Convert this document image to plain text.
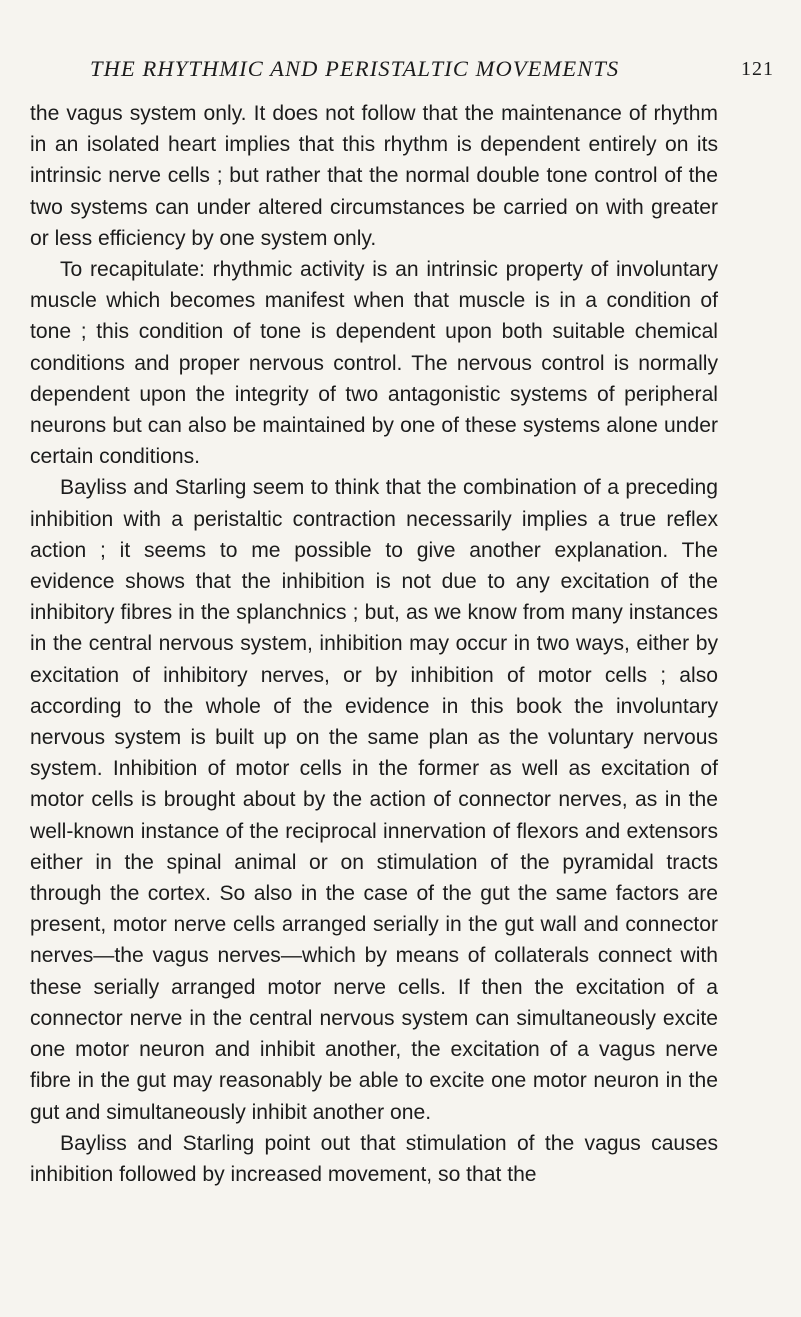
THE RHYTHMIC AND PERISTALTIC MOVEMENTS	121

the vagus system only. It does not follow that the maintenance of rhythm in an isolated heart implies that this rhythm is dependent entirely on its intrinsic nerve cells ; but rather that the normal double tone control of the two systems can under altered circumstances be carried on with greater or less efficiency by one system only.

To recapitulate: rhythmic activity is an intrinsic property of involuntary muscle which becomes manifest when that muscle is in a condition of tone ; this condition of tone is dependent upon both suitable chemical conditions and proper nervous control. The nervous control is normally dependent upon the integrity of two antagonistic systems of peripheral neurons but can also be maintained by one of these systems alone under certain conditions.

Bayliss and Starling seem to think that the combination of a preceding inhibition with a peristaltic contraction necessarily implies a true reflex action ; it seems to me possible to give another explanation. The evidence shows that the inhibition is not due to any excitation of the inhibitory fibres in the splanchnics ; but, as we know from many instances in the central nervous system, inhibition may occur in two ways, either by excitation of inhibitory nerves, or by inhibition of motor cells ; also according to the whole of the evidence in this book the involuntary nervous system is built up on the same plan as the voluntary nervous system. Inhibition of motor cells in the former as well as excitation of motor cells is brought about by the action of connector nerves, as in the well-known instance of the reciprocal innervation of flexors and extensors either in the spinal animal or on stimulation of the pyramidal tracts through the cortex. So also in the case of the gut the same factors are present, motor nerve cells arranged serially in the gut wall and connector nerves—the vagus nerves—which by means of collaterals connect with these serially arranged motor nerve cells. If then the excitation of a connector nerve in the central nervous system can simultaneously excite one motor neuron and inhibit another, the excitation of a vagus nerve fibre in the gut may reasonably be able to excite one motor neuron in the gut and simultaneously inhibit another one.

Bayliss and Starling point out that stimulation of the vagus causes inhibition followed by increased movement, so that the
